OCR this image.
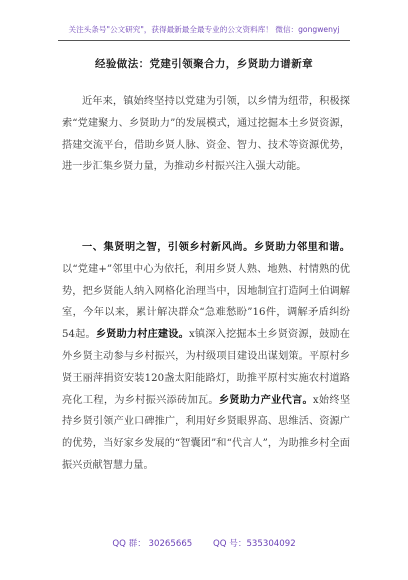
关注头条号"公文研究"，获得最新最全最专业的公文资料库！ 微信：gongwenyj
经验做法：党建引领聚合力，乡贤助力谱新章

近年来，镇始终坚持以党建为引领，以乡情为纽带，积极探索“党建聚力、乡贤助力”的发展模式，通过挖掘本土乡贤资源，搭建交流平台，借助乡贤人脉、资金、智力、技术等资源优势，进一步汇集乡贤力量，为推动乡村振兴注入强大动能。

一、集贤明之智，引领乡村新风尚。乡贤助力邻里和谐。以“党建+”邻里中心为依托，利用乡贤人熟、地熟、村情熟的优势，把乡贤能人纳入网格化治理当中，因地制宜打造阿土伯调解室，今年以来，累计解决群众“急难愁盼”16件，调解矛盾纠纷54起。乡贤助力村庄建设。x镇深入挖掘本土乡贤资源，鼓励在外乡贤主动参与乡村振兴，为村级项目建设出谋划策。平原村乡贤王丽萍捐资安装120盏太阳能路灯，助推平原村实施农村道路亮化工程，为乡村振兴添砖加瓦。乡贤助力产业代言。x始终坚持乡贤引领产业口碑推广，利用好乡贤眼界高、思维活、资源广的优势，当好家乡发展的“智囊团”和“代言人”，为助推乡村全面振兴贡献智慧力量。

QQ 群： 30265665 QQ 号：535304092
